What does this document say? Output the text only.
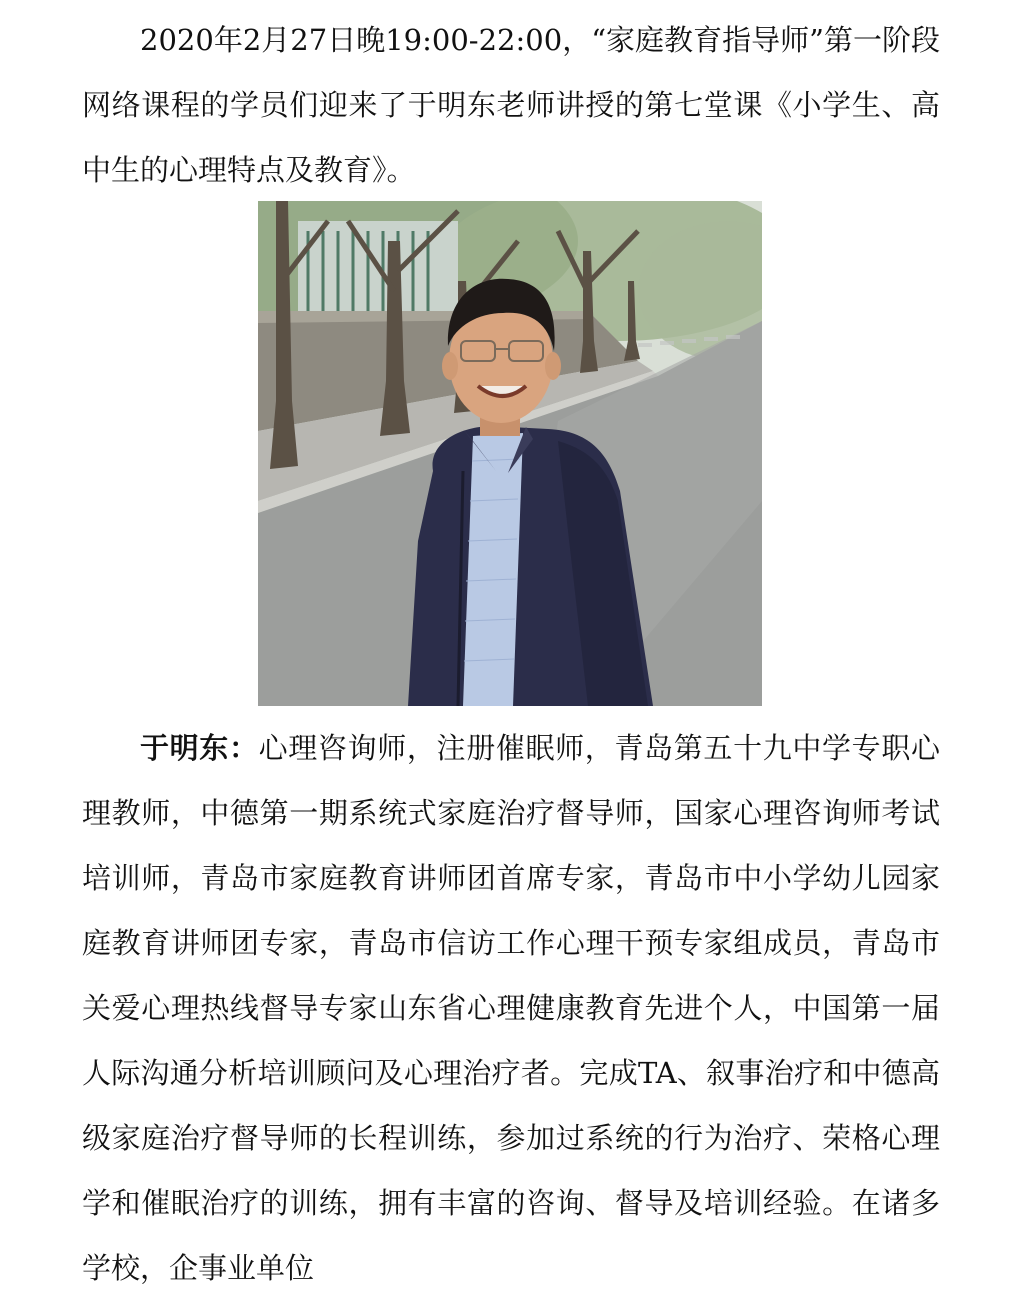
2020年2月27日晚19:00-22:00，“家庭教育指导师”第一阶段网络课程的学员们迎来了于明东老师讲授的第七堂课《小学生、高中生的心理特点及教育》。

于明东：心理咨询师，注册催眠师，青岛第五十九中学专职心理教师，中德第一期系统式家庭治疗督导师，国家心理咨询师考试培训师，青岛市家庭教育讲师团首席专家，青岛市中小学幼儿园家庭教育讲师团专家，青岛市信访工作心理干预专家组成员，青岛市关爱心理热线督导专家山东省心理健康教育先进个人，中国第一届人际沟通分析培训顾问及心理治疗者。完成TA、叙事治疗和中德高级家庭治疗督导师的长程训练，参加过系统的行为治疗、荣格心理学和催眠治疗的训练，拥有丰富的咨询、督导及培训经验。在诸多学校，企事业单位
